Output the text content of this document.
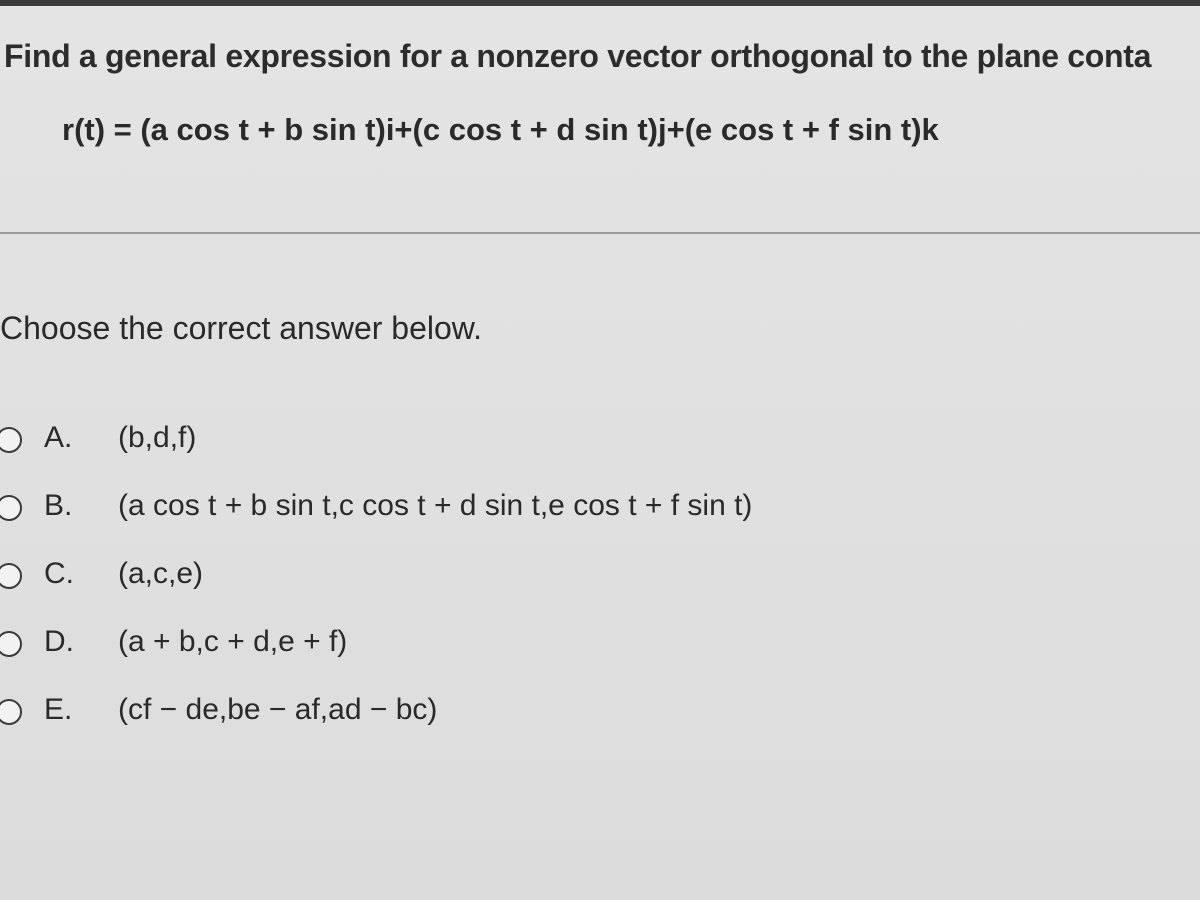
Find a general expression for a nonzero vector orthogonal to the plane conta

r(t) = (a cos t + b sin t)i+(c cos t + d sin t)j+(e cos t + f sin t)k

Choose the correct answer below.

A. (b,d,f)
B. (a cos t + b sin t,c cos t + d sin t,e cos t + f sin t)
C. (a,c,e)
D. (a + b,c + d,e + f)
E. (cf − de,be − af,ad − bc)
